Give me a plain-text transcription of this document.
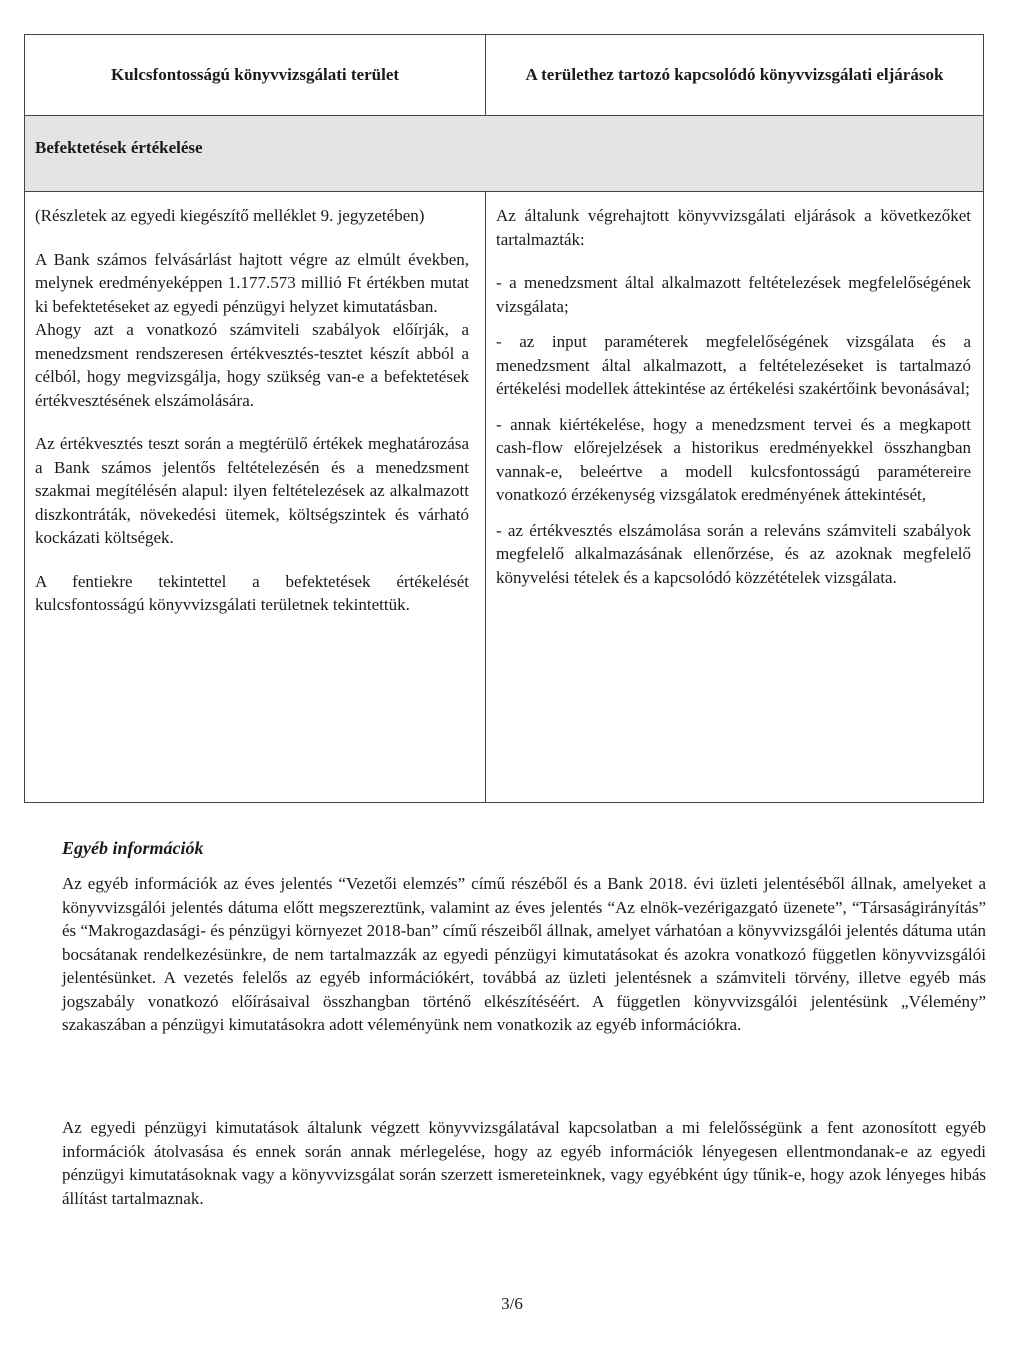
Kulcsfontosságú könyvvizsgálati terület	A területhez tartozó kapcsolódó könyvvizsgálati eljárások
Befektetések értékelése

(Részletek az egyedi kiegészítő melléklet 9. jegyzetében)

A Bank számos felvásárlást hajtott végre az elmúlt években, melynek eredményeképpen 1.177.573 millió Ft értékben mutat ki befektetéseket az egyedi pénzügyi helyzet kimutatásban.

Ahogy azt a vonatkozó számviteli szabályok előírják, a menedzsment rendszeresen értékvesztés-tesztet készít abból a célból, hogy megvizsgálja, hogy szükség van-e a befektetések értékvesztésének elszámolására.

Az értékvesztés teszt során a megtérülő értékek meghatározása a Bank számos jelentős feltételezésén és a menedzsment szakmai megítélésén alapul: ilyen feltételezések az alkalmazott diszkontráták, növekedési ütemek, költségszintek és várható kockázati költségek.

A fentiekre tekintettel a befektetések értékelését kulcsfontosságú könyvvizsgálati területnek tekintettük.

Az általunk végrehajtott könyvvizsgálati eljárások a következőket tartalmazták:

- a menedzsment által alkalmazott feltételezések megfelelőségének vizsgálata;

- az input paraméterek megfelelőségének vizsgálata és a menedzsment által alkalmazott, a feltételezéseket is tartalmazó értékelési modellek áttekintése az értékelési szakértőink bevonásával;

- annak kiértékelése, hogy a menedzsment tervei és a megkapott cash-flow előrejelzések a historikus eredményekkel összhangban vannak-e, beleértve a modell kulcsfontosságú paramétereire vonatkozó érzékenység vizsgálatok eredményének áttekintését,

- az értékvesztés elszámolása során a releváns számviteli szabályok megfelelő alkalmazásának ellenőrzése, és az azoknak megfelelő könyvelési tételek és a kapcsolódó közzétételek vizsgálata.

Egyéb információk

Az egyéb információk az éves jelentés “Vezetői elemzés” című részéből és a Bank 2018. évi üzleti jelentéséből állnak, amelyeket a könyvvizsgálói jelentés dátuma előtt megszereztünk, valamint az éves jelentés “Az elnök-vezérigazgató üzenete”, “Társaságirányítás” és “Makrogazdasági- és pénzügyi környezet 2018-ban” című részeiből állnak, amelyet várhatóan a könyvvizsgálói jelentés dátuma után bocsátanak rendelkezésünkre, de nem tartalmazzák az egyedi pénzügyi kimutatásokat és azokra vonatkozó független könyvvizsgálói jelentésünket. A vezetés felelős az egyéb információkért, továbbá az üzleti jelentésnek a számviteli törvény, illetve egyéb más jogszabály vonatkozó előírásaival összhangban történő elkészítéséért. A független könyvvizsgálói jelentésünk „Vélemény” szakaszában a pénzügyi kimutatásokra adott véleményünk nem vonatkozik az egyéb információkra.

Az egyedi pénzügyi kimutatások általunk végzett könyvvizsgálatával kapcsolatban a mi felelősségünk a fent azonosított egyéb információk átolvasása és ennek során annak mérlegelése, hogy az egyéb információk lényegesen ellentmondanak-e az egyedi pénzügyi kimutatásoknak vagy a könyvvizsgálat során szerzett ismereteinknek, vagy egyébként úgy tűnik-e, hogy azok lényeges hibás állítást tartalmaznak.

3/6
